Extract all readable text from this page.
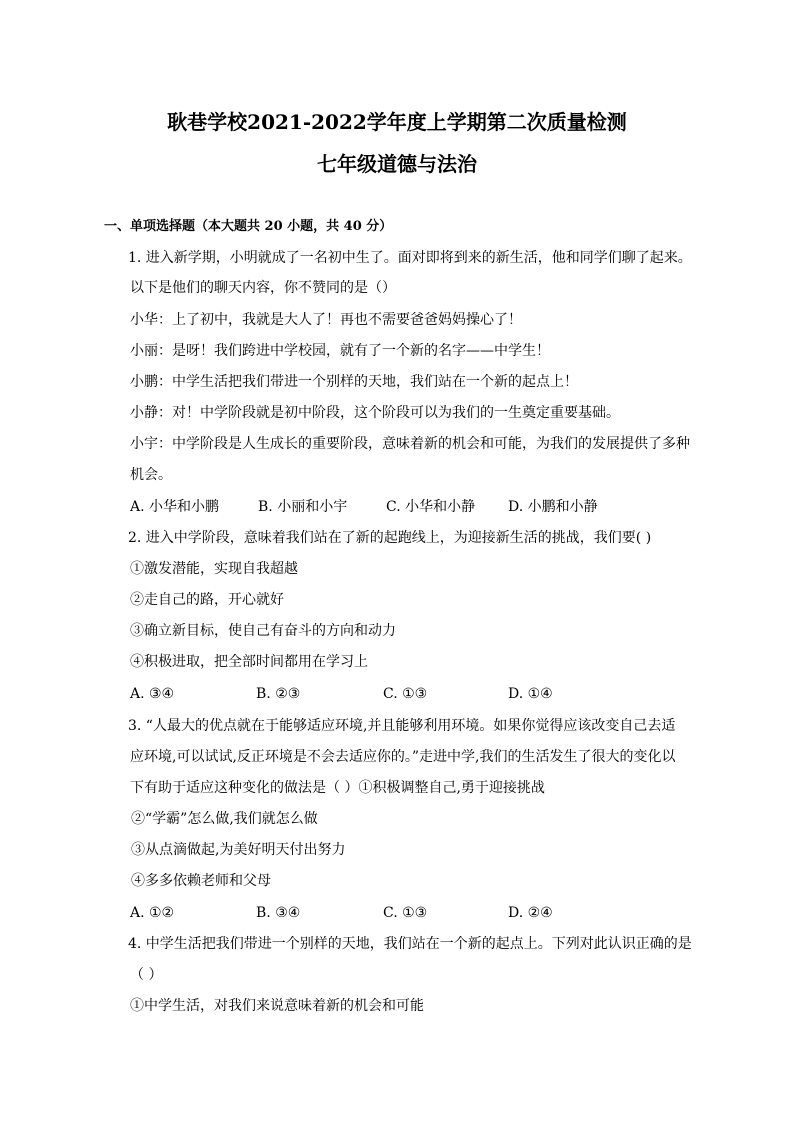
耿巷学校2021-2022学年度上学期第二次质量检测
七年级道德与法治
一、单项选择题（本大题共 20 小题，共 40 分）
1. 进入新学期，小明就成了一名初中生了。面对即将到来的新生活，他和同学们聊了起来。
以下是他们的聊天内容，你不赞同的是（）
小华：上了初中，我就是大人了！再也不需要爸爸妈妈操心了！
小丽：是呀！我们跨进中学校园，就有了一个新的名字——中学生！
小鹏：中学生活把我们带进一个别样的天地，我们站在一个新的起点上！
小静：对！中学阶段就是初中阶段，这个阶段可以为我们的一生奠定重要基础。
小宇：中学阶段是人生成长的重要阶段，意味着新的机会和可能，为我们的发展提供了多种
机会。
A. 小华和小鹏	B. 小丽和小宇	C. 小华和小静 D. 小鹏和小静
2. 进入中学阶段，意味着我们站在了新的起跑线上，为迎接新生活的挑战，我们要( )
①激发潜能，实现自我超越
②走自己的路，开心就好
③确立新目标，使自己有奋斗的方向和动力
④积极进取，把全部时间都用在学习上
A. ③④	B. ②③	C. ①③	D. ①④
3. “人最大的优点就在于能够适应环境,并且能够利用环境。如果你觉得应该改变自己去适
应环境,可以试试,反正环境是不会去适应你的。”走进中学,我们的生活发生了很大的变化以
下有助于适应这种变化的做法是（ ）①积极调整自己,勇于迎接挑战
②“学霸”怎么做,我们就怎么做
③从点滴做起,为美好明天付出努力
④多多依赖老师和父母
A. ①②	B. ③④	C. ①③	D. ②④
4. 中学生活把我们带进一个别样的天地，我们站在一个新的起点上。下列对此认识正确的是
（ ）
①中学生活，对我们来说意味着新的机会和可能
